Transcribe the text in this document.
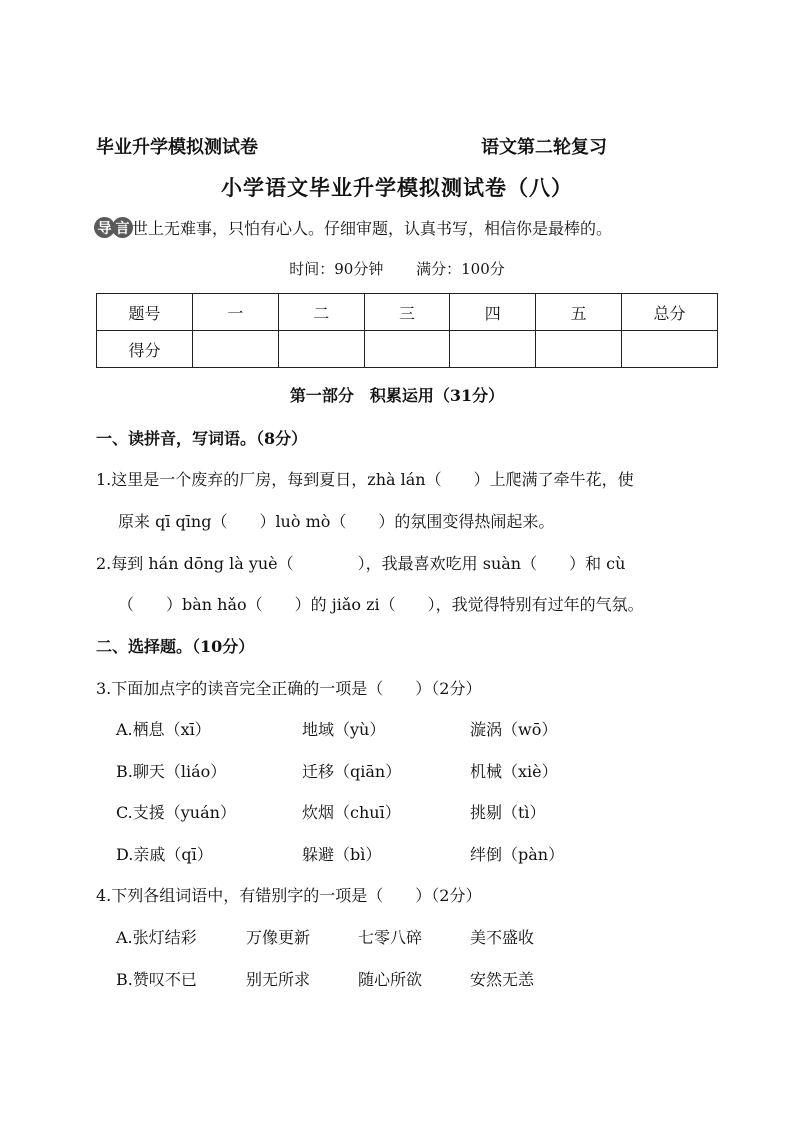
毕业升学模拟测试卷	语文第二轮复习
小学语文毕业升学模拟测试卷（八）
导 言 世上无难事，只怕有心人。仔细审题，认真书写，相信你是最棒的。
时间：90分钟 满分：100分
题号	一	二	三	四	五	总分
得分						
第一部分　积累运用（31分）
一、读拼音，写词语。（8分）
1.这里是一个废弃的厂房，每到夏日，zhà lán（　　）上爬满了牵牛花，使
原来 qī qīng（　　）luò mò（　　）的氛围变得热闹起来。
2.每到 hán dōng là yuè（　　　　），我最喜欢吃用 suàn（　　）和 cù
（　　）bàn hǎo（　　）的 jiǎo zi（　　），我觉得特别有过年的气氛。
二、选择题。（10分）
3.下面加点字的读音完全正确的一项是（　　）（2分）
A.栖息（xī）	地域（yù）	漩涡（wō）
B.聊天（liáo）	迁移（qiān）	机械（xiè）
C.支援（yuán）	炊烟（chuī）	挑剔（tì）
D.亲戚（qī）	躲避（bì）	绊倒（pàn）
4.下列各组词语中，有错别字的一项是（　　）（2分）
A.张灯结彩	万像更新	七零八碎	美不盛收
B.赞叹不已	别无所求	随心所欲	安然无恙
